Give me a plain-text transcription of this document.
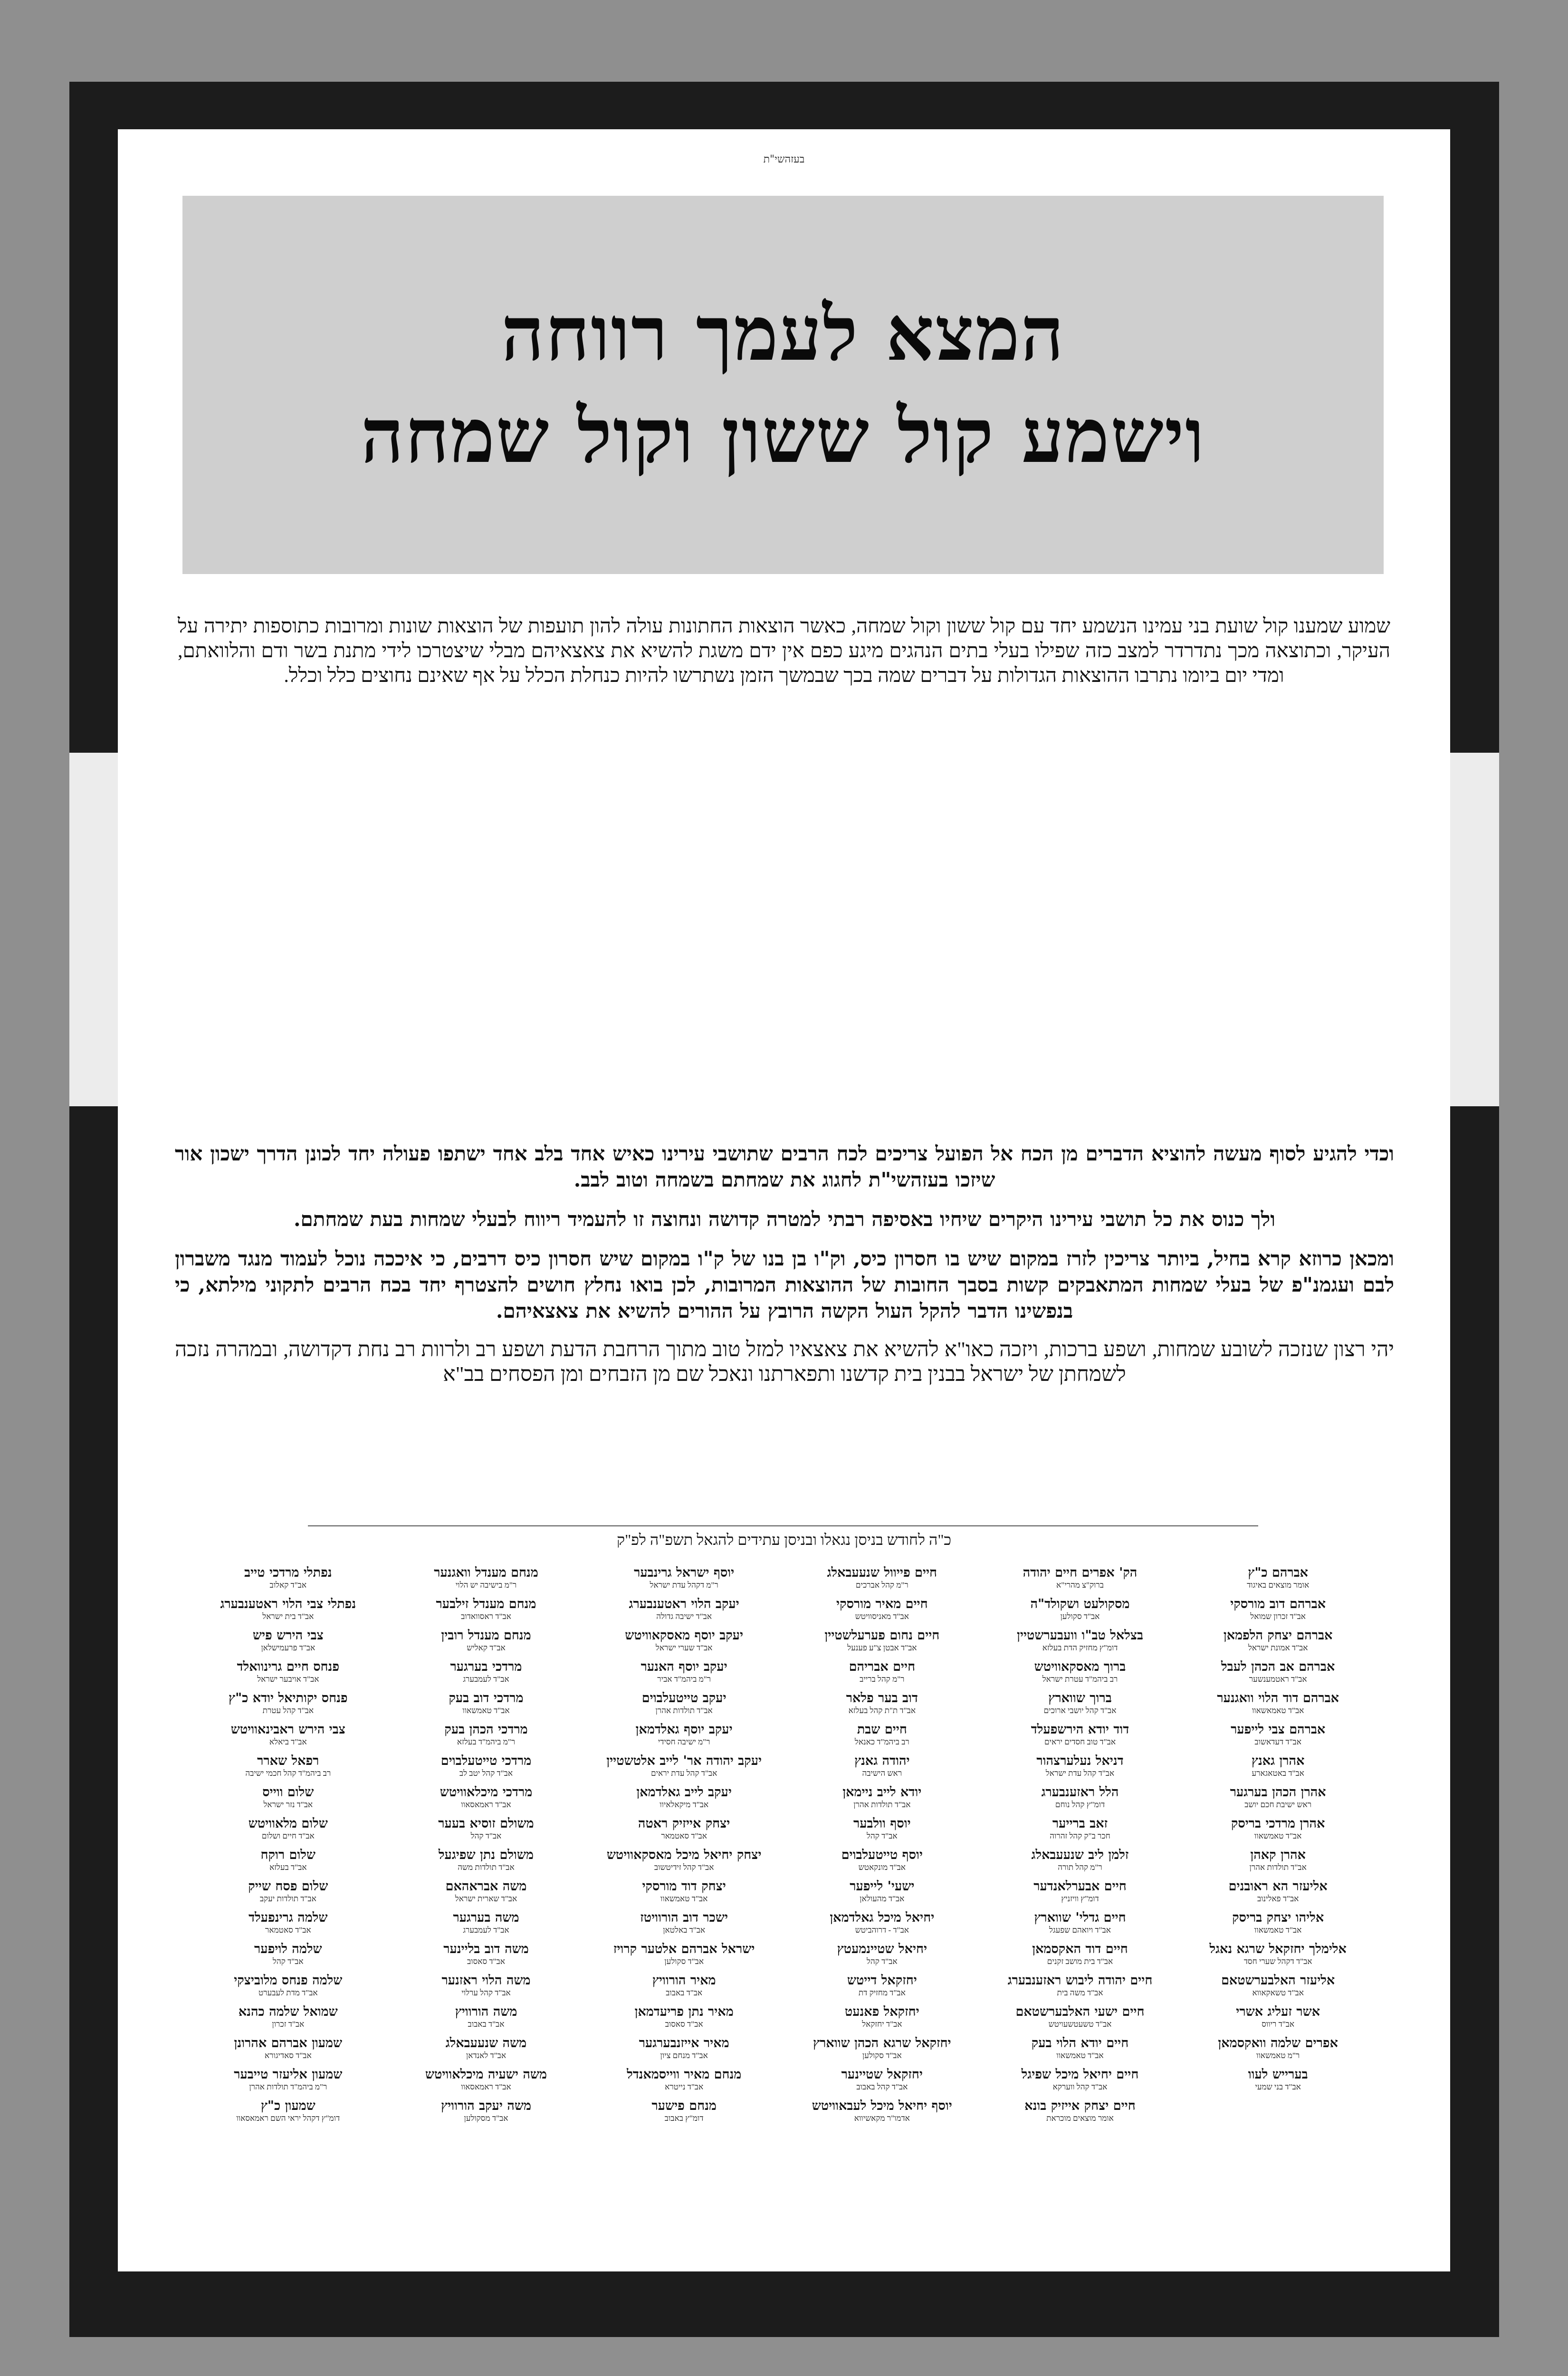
בעזהשי"ת
המצא לעמך רווחה
וישמע קול ששון וקול שמחה
שמוע שמענו קול שועת בני עמינו הנשמע יחד עם קול ששון וקול שמחה, כאשר הוצאות החתונות עולה להון תועפות של הוצאות שונות ומרובות כתוספות יתירה על העיקר, וכתוצאה מכך נתדרדר למצב כזה שפילו בעלי בתים הנהגים מיגע כפם אין ידם משגת להשיא את צאצאיהם מבלי שיצטרכו לידי מתנת בשר ודם והלוואתם, ומדי יום ביומו נתרבו ההוצאות הגדולות על דברים שמה בכך שבמשך הזמן נשתרשו להיות כנחלת הכלל על אף שאינם נחוצים כלל וכלל.

וכדי להגיע לסוף מעשה להוציא הדברים מן הכח אל הפועל צריכים לכח הרבים שתושבי עירינו כאיש אחד בלב אחד ישתפו פעולה יחד לכונן הדרך ישכון אור שיזכו בעזהשי"ת לחגוג את שמחתם בשמחה וטוב לבב.

ולך כנוס את כל תושבי עירינו היקרים שיחיו באסיפה רבתי למטרה קדושה ונחוצה זו להעמיד ריווח לבעלי שמחות בעת שמחתם.

ומכאן כרוזא קרא בחיל, ביותר צריכין לזרז במקום שיש בו חסרון כיס, וק"ו בן בנו של ק"ו במקום שיש חסרון כיס דרבים, כי איככה נוכל לעמוד מנגד משברון לבם ועגמנ"פ של בעלי שמחות המתאבקים קשות בסבך החובות של ההוצאות המרובות, לכן בואו נחלץ חושים להצטרף יחד בכח הרבים לתקוני מילתא, כי בנפשינו הדבר להקל העול הקשה הרובץ על ההורים להשיא את צאצאיהם.

יהי רצון שנזכה לשובע שמחות, ושפע ברכות, ויזכה כאו"א להשיא את צאצאיו למזל טוב מתוך הרחבת הדעת ושפע רב ולרוות רב נחת דקדושה, ובמהרה נזכה לשמחתן של ישראל בבנין בית קדשנו ותפארתנו ונאכל שם מן הזבחים ומן הפסחים בב"א

כ"ה לחודש בניסן נגאלו ובניסן עתידים להגאל תשפ"ה לפ"ק
אברהם כ"ץ
אומר מוצאים באיגוד
אברהם דוב מורסקי
אב"ד זכרון שמואל
אברהם יצחק הלפמאן
אב"ד אמונת ישראל
אברהם אב הכהן לעבל
אב"ד ראטמענשער
אברהם דוד הלוי וואגנער
אב"ד טאמאשאוו
אברהם צבי לייפער
אב"ד דעדאשוב
אהרן גאנץ
אב"ד באטאגארע
אהרן הכהן בערגער
ראש ישיבת חכם יושב
אהרן מרדכי בריסק
אב"ד טאמשאוו
אהרן קאהן
אב"ד תולדות אהרן
אליעזר הא ראובנים
אב"ד פאלינוב
אליהו יצחק בריסק
אב"ד טאמשאוו
אלימלך יחזקאל שרגא נאגל
אב"ד דקהל שערי חסד
אליעזר האלבערשטאם
אב"ד טשאקאווא
אשר זעליג אשרי
אב"ד ריווס
אפרים שלמה וואקסמאן
ר"מ טאמשאוו
בערייש לעוו
אב"ד בני שמעי
הק' אפרים חיים יהודה
ברוק"צ מהרי"א
מסקולעט ושקולד"ה
אב"ד סקולען
בצלאל טב"ו וועבערשטיין
דומ"ץ מחזיק הדת בעלזא
ברוך מאסקאוויטש
רב ביהמ"ד עטרת ישראל
ברוך שווארץ
אב"ד קהל יושבי ארוכים
דוד יודא הירשפעלד
אב"ד טוב חסדים יראים
דניאל נעלערצהור
אב"ד קהל עדת ישראל
הלל ראזענבערג
דומ"ץ קהל נוחם
זאב ברייער
חכר ב"ק קהל זהרוה
זלמן ליב שנעעבאלג
ר"מ קהל תורה
חיים אבערלאנדער
דומ"ץ וויזניץ
חיים גדלי' שווארץ
אב"ד ויואהם שפעגל
חיים דוד האקסמאן
אב"ד בית מושב זקנים
חיים יהודה ליבוש ראזענבערג
אב"ד משה בית
חיים ישעי האלבערשטאם
אב"ד טשעטשעויטש
חיים יודא הלוי בעק
אב"ד טאמשאוו
חיים יחיאל מיכל שפיגל
אב"ד קהל ווערקא
חיים יצחק אייזיק בונא
אומר מוצאים מוכראת
חיים פייוול שנעעבאלג
ר"מ קהל אברכים
חיים מאיר מורסקי
אב"ד מאניסוויטש
חיים נחום פערעלשטיין
אב"ד אבטן צ"ע פענעל
חיים אבריהם
ר"מ קהל ברייב
דוב בער פלאר
אב"ד ת"ת קהל בעלזא
חיים שבת
רב ביהמ"ד כאנאל
יהודה גאנץ
ראש הישיבה
יודא לייב ניימאן
אב"ד תולדות אהרן
יוסף וולבער
אב"ד קהל
יוסף טייטעלבוים
אב"ד מונקאטש
ישעי' לייפער
אב"ד מהעולאן
יחיאל מיכל גאלדמאן
אב"ד - דרוהביטש
יחיאל שטיינמעטץ
אב"ד קהל
יחזקאל דייטש
אב"ד מחזיק דת
יחזקאל פאנעט
אב"ד יחזקאל
יחזקאל שרגא הכהן שווארץ
אב"ד סקולען
יחזקאל שטיינער
אב"ד קהל באבוב
יוסף יחיאל מיכל לעבאוויטש
אדמו"ר מקאשיווא
יוסף ישראל גרינבער
ר"מ דקהל עדת ישראל
יעקב הלוי ראטענבערג
אב"ד ישיבה גדולה
יעקב יוסף מאסקאוויטש
אב"ד שערי ישראל
יעקב יוסף האנער
ר"מ ביהמ"ד אביר
יעקב טייטעלבוים
אב"ד תולדות אהרן
יעקב יוסף גאלדמאן
ר"מ ישיבה חסידי
יעקב יהודה אר' לייב אלטשטיין
אב"ד קהל עדת יראים
יעקב לייב גאלדמאן
אב"ד מיקאלאיוו
יצחק אייזיק ראטה
אב"ד סאטמאר
יצחק יחיאל מיכל מאסקאוויטש
אב"ד קהל זידיטשוב
יצחק דוד מורסקי
אב"ד טאמשאוו
ישכר דוב הורוויטז
אב"ד באלטאן
ישראל אברהם אלטער קרויז
אב"ד סקולען
מאיר הורוויץ
אב"ד באבוב
מאיר נתן פריעדמאן
אב"ד סאסוב
מאיר אייזנבערגער
אב"ד מנחם ציון
מנחם מאיר ווייסמאנדל
אב"ד נייטרא
מנחם פישער
דומ"ץ באבוב
מנחם מענדל וואגנער
ר"מ בישיבה יש הלוי
מנחם מענדל זילבער
אב"ד ראסוואדוב
מנחם מענדל רובין
אב"ד קאליש
מרדכי בערגער
אב"ד לעמבערג
מרדכי דוב בעק
אב"ד טאמשאוו
מרדכי הכהן בעק
ר"מ ביהמ"ד בעלזא
מרדכי טייטעלבוים
אב"ד קהל יטב לב
מרדכי מיכלאוויטש
אב"ד ראמאסאוו
משולם זוסיא בעער
אב"ד קהל
משולם נתן שפיגעל
אב"ד תולדות משה
משה אבראהאם
אב"ד שארית ישראל
משה בערגער
אב"ד לעמבערג
משה דוב בליינער
אב"ד סאסוב
משה הלוי ראזנער
אב"ד קהל ערלוי
משה הורוויץ
אב"ד באבוב
משה שנעעבאלג
אב"ד לאנדאן
משה ישעיה מיכלאוויטש
אב"ד ראמאסאוו
משה יעקב הורוויץ
אב"ד מסקולען
נפתלי מרדכי טייב
אב"ד קאלוב
נפתלי צבי הלוי ראטענבערג
אב"ד בית ישראל
צבי הירש פיש
אב"ד פרעמישלאן
פנחס חיים גרינוואלד
אב"ד אויבער ישראל
פנחס יקותיאל יודא כ"ץ
אב"ד קהל עטרת
צבי הירש ראבינאוויטש
אב"ד ביאלא
רפאל שארר
רב ביהמ"ד קהל חכמי ישיבה
שלום ווייס
אב"ד נזר ישראל
שלום מלאוויטש
אב"ד חיים ושלום
שלום רוקח
אב"ד בעלזא
שלום פסח שייק
אב"ד תולדות יעקב
שלמה גרינפעלד
אב"ד סאטמאר
שלמה לויפער
אב"ד קהל
שלמה פנחס מלוביצקי
אב"ד מדת לעבערט
שמואל שלמה כהנא
אב"ד זכרון
שמעון אברהם אהרונן
אב"ד סאדיגורא
שמעון אליעזר טייבער
ר"מ ביהמ"ד תולדות אהרן
שמעון כ"ץ
דומ"ץ דקהל יראי השם ראמאסאוו
